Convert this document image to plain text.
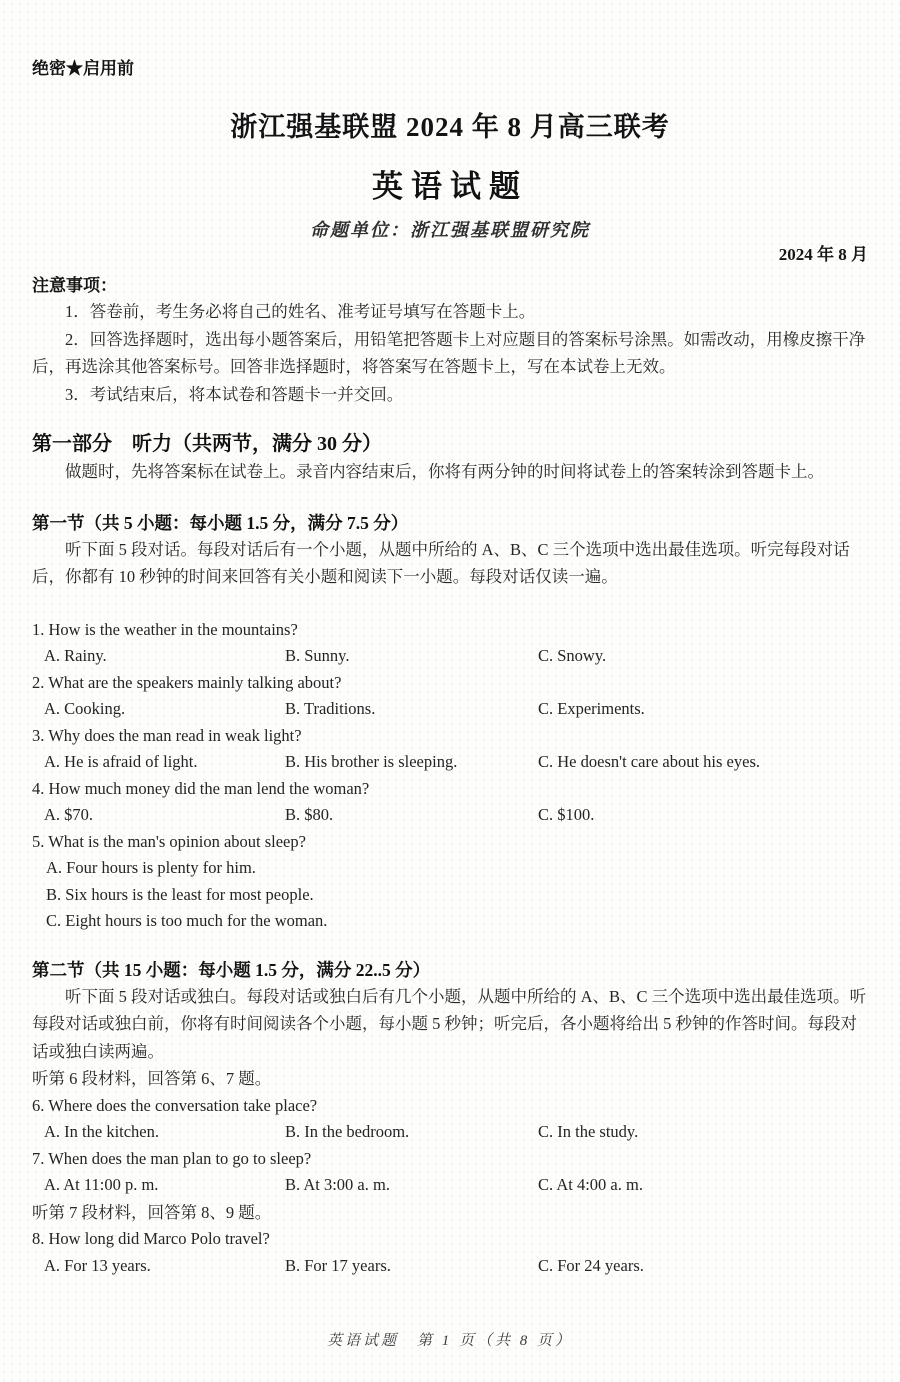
绝密★启用前
浙江强基联盟 2024 年 8 月高三联考
英语试题
命题单位：浙江强基联盟研究院
2024 年 8 月
注意事项：

1．答卷前，考生务必将自己的姓名、准考证号填写在答题卡上。

2．回答选择题时，选出每小题答案后，用铅笔把答题卡上对应题目的答案标号涂黑。如需改动，用橡皮擦干净后，再选涂其他答案标号。回答非选择题时，将答案写在答题卡上，写在本试卷上无效。

3．考试结束后，将本试卷和答题卡一并交回。

第一部分　听力（共两节，满分 30 分）

做题时，先将答案标在试卷上。录音内容结束后，你将有两分钟的时间将试卷上的答案转涂到答题卡上。

第一节（共 5 小题：每小题 1.5 分，满分 7.5 分）

听下面 5 段对话。每段对话后有一个小题，从题中所给的 A、B、C 三个选项中选出最佳选项。听完每段对话后，你都有 10 秒钟的时间来回答有关小题和阅读下一小题。每段对话仅读一遍。

1. How is the weather in the mountains?
A. Rainy.	B. Sunny.	C. Snowy.
2. What are the speakers mainly talking about?
A. Cooking.	B. Traditions.	C. Experiments.
3. Why does the man read in weak light?
A. He is afraid of light.	B. His brother is sleeping.	C. He doesn't care about his eyes.
4. How much money did the man lend the woman?
A. $70.	B. $80.	C. $100.
5. What is the man's opinion about sleep?
A. Four hours is plenty for him.
B. Six hours is the least for most people.
C. Eight hours is too much for the woman.
第二节（共 15 小题：每小题 1.5 分，满分 22..5 分）

听下面 5 段对话或独白。每段对话或独白后有几个小题，从题中所给的 A、B、C 三个选项中选出最佳选项。听每段对话或独白前，你将有时间阅读各个小题，每小题 5 秒钟；听完后，各小题将给出 5 秒钟的作答时间。每段对话或独白读两遍。

听第 6 段材料，回答第 6、7 题。
6. Where does the conversation take place?
A. In the kitchen.	B. In the bedroom.	C. In the study.
7. When does the man plan to go to sleep?
A. At 11:00 p. m.	B. At 3:00 a. m.	C. At 4:00 a. m.
听第 7 段材料，回答第 8、9 题。
8. How long did Marco Polo travel?
A. For 13 years.	B. For 17 years.	C. For 24 years.
英语试题　第 1 页（共 8 页）
